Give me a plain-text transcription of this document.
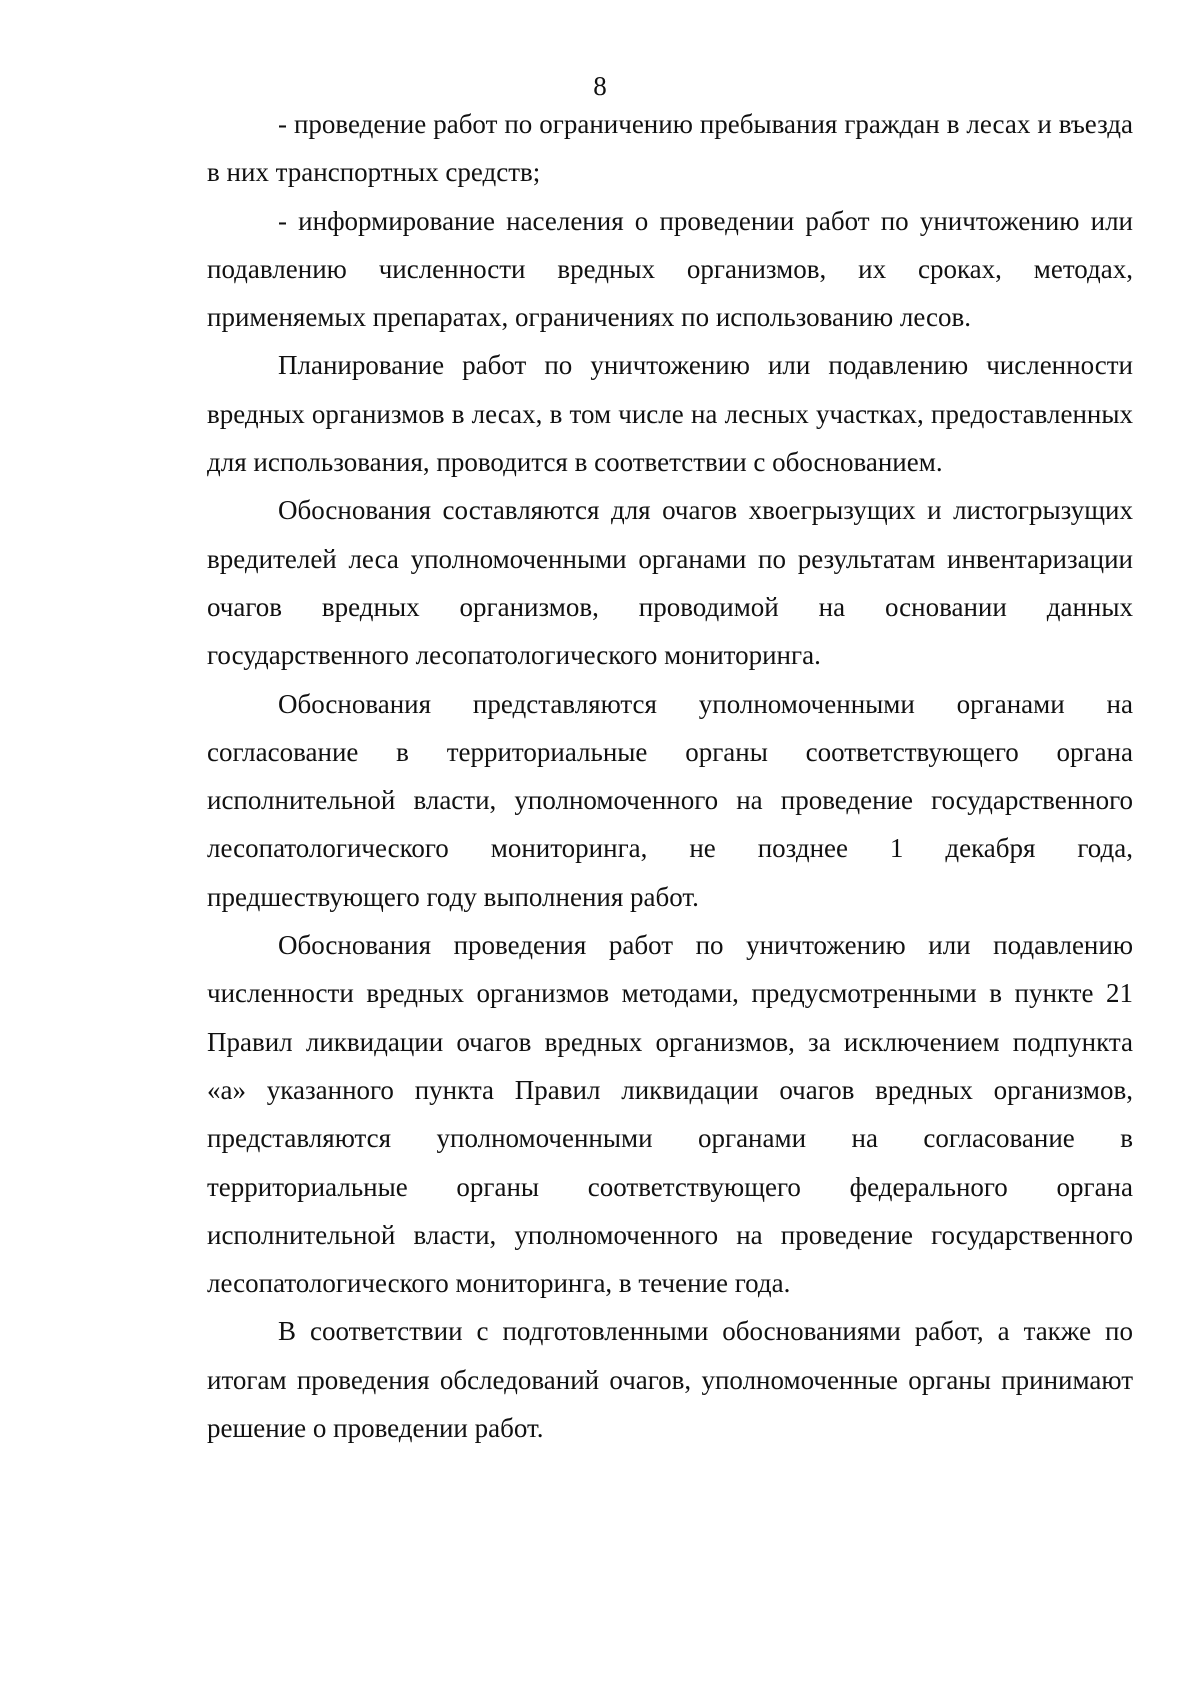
8

- проведение работ по ограничению пребывания граждан в лесах и въезда в них транспортных средств;

- информирование населения о проведении работ по уничтожению или подавлению численности вредных организмов, их сроках, методах, применяемых препаратах, ограничениях по использованию лесов.

Планирование работ по уничтожению или подавлению численности вредных организмов в лесах, в том числе на лесных участках, предоставленных для использования, проводится в соответствии с обоснованием.

Обоснования составляются для очагов хвоегрызущих и листогрызущих вредителей леса уполномоченными органами по результатам инвентаризации очагов вредных организмов, проводимой на основании данных государственного лесопатологического мониторинга.

Обоснования представляются уполномоченными органами на согласование в территориальные органы соответствующего органа исполнительной власти, уполномоченного на проведение государственного лесопатологического мониторинга, не позднее 1 декабря года, предшествующего году выполнения работ.

Обоснования проведения работ по уничтожению или подавлению численности вредных организмов методами, предусмотренными в пункте 21 Правил ликвидации очагов вредных организмов, за исключением подпункта «а» указанного пункта Правил ликвидации очагов вредных организмов, представляются уполномоченными органами на согласование в территориальные органы соответствующего федерального органа исполнительной власти, уполномоченного на проведение государственного лесопатологического мониторинга, в течение года.

В соответствии с подготовленными обоснованиями работ, а также по итогам проведения обследований очагов, уполномоченные органы принимают решение о проведении работ.
